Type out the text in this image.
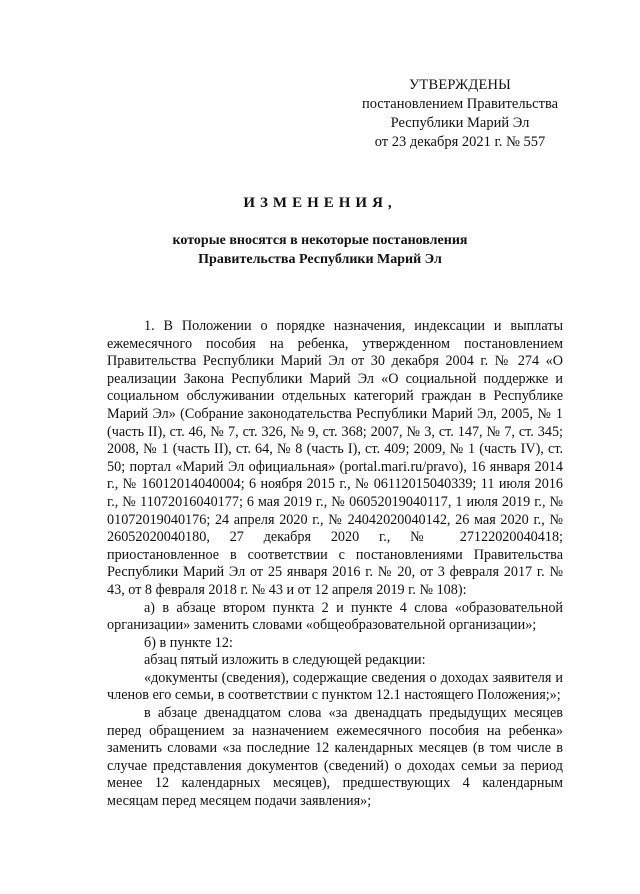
УТВЕРЖДЕНЫ
постановлением Правительства
Республики Марий Эл
от 23 декабря 2021 г. № 557
ИЗМЕНЕНИЯ,
которые вносятся в некоторые постановления
Правительства Республики Марий Эл

1. В Положении о порядке назначения, индексации и выплаты ежемесячного пособия на ребенка, утвержденном постановлением Правительства Республики Марий Эл от 30 декабря 2004 г. № 274 «О реализации Закона Республики Марий Эл «О социальной поддержке и социальном обслуживании отдельных категорий граждан в Республике Марий Эл» (Собрание законодательства Республики Марий Эл, 2005, № 1 (часть II), ст. 46, № 7, ст. 326, № 9, ст. 368; 2007, № 3, ст. 147, № 7, ст. 345; 2008, № 1 (часть II), ст. 64, № 8 (часть I), ст. 409; 2009, № 1 (часть IV), ст. 50; портал «Марий Эл официальная» (portal.mari.ru/pravo), 16 января 2014 г., № 16012014040004; 6 ноября 2015 г., № 06112015040339; 11 июля 2016 г., № 11072016040177; 6 мая 2019 г., № 06052019040117, 1 июля 2019 г., № 01072019040176; 24 апреля 2020 г., № 24042020040142, 26 мая 2020 г., № 26052020040180, 27 декабря 2020 г., № 27122020040418; приостановленное в соответствии с постановлениями Правительства Республики Марий Эл от 25 января 2016 г. № 20, от 3 февраля 2017 г. № 43, от 8 февраля 2018 г. № 43 и от 12 апреля 2019 г. № 108):

а) в абзаце втором пункта 2 и пункте 4 слова «образовательной организации» заменить словами «общеобразовательной организации»;

б) в пункте 12:

абзац пятый изложить в следующей редакции:

«документы (сведения), содержащие сведения о доходах заявителя и членов его семьи, в соответствии с пунктом 12.1 настоящего Положения;»;

в абзаце двенадцатом слова «за двенадцать предыдущих месяцев перед обращением за назначением ежемесячного пособия на ребенка» заменить словами «за последние 12 календарных месяцев (в том числе в случае представления документов (сведений) о доходах семьи за период менее 12 календарных месяцев), предшествующих 4 календарным месяцам перед месяцем подачи заявления»;
